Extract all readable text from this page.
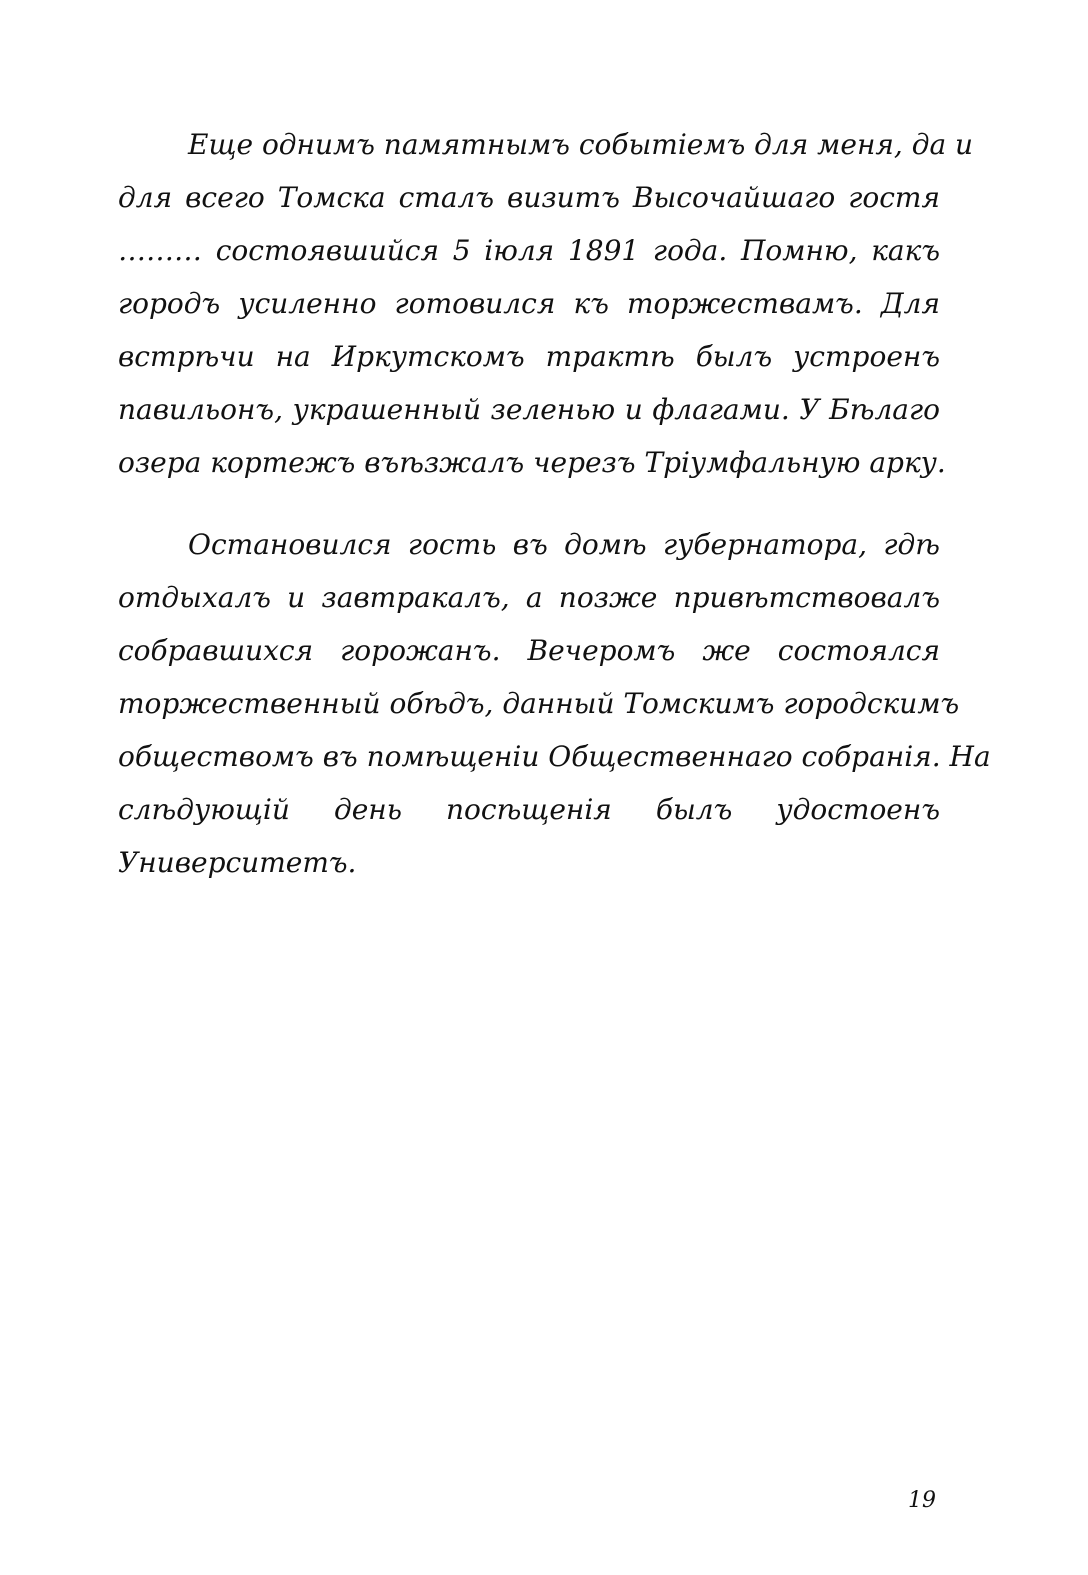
Еще однимъ памятнымъ событіемъ для меня, да и
для всего Томска сталъ визитъ Высочайшаго гостя
……… состоявшийся 5 іюля 1891 года. Помню, какъ
городъ усиленно готовился къ торжествамъ. Для
встрѣчи на Иркутскомъ трактѣ былъ устроенъ
павильонъ, украшенный зеленью и флагами. У Бѣлаго
озера кортежъ въѣзжалъ черезъ Тріумфальную арку.
Остановился гость въ домѣ губернатора, гдѣ
отдыхалъ и завтракалъ, а позже привѣтствовалъ
собравшихся горожанъ. Вечеромъ же состоялся
торжественный обѣдъ, данный Томскимъ городскимъ
обществомъ въ помѣщеніи Общественнаго собранія. На
слѣдующій день посѣщенія былъ удостоенъ
Университетъ.
19
